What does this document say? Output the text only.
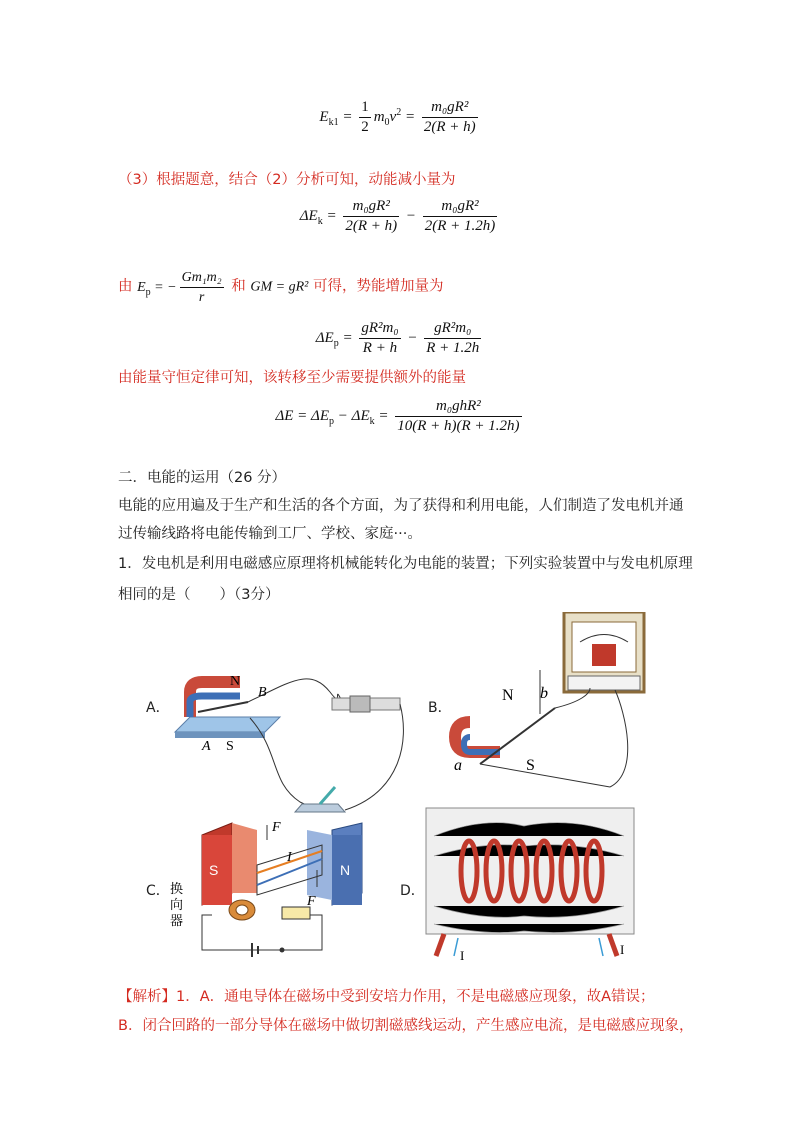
$E_{k1} = \frac{1}{2} m_0v^2 = \frac{\text{m₀gR²}}{2(R + h)}$
（3）根据题意，结合（2）分析可知，动能减小量为
$\Delta E_k = \frac{\text{m₀gR²}}{2(R + h)} - \frac{\text{m₀gR²}}{2(R + 1.2h)}$
由 $E_p$ = − $\frac{\text{Gm₁m₂}}{r}$ 和 GM = gR² 可得，势能增加量为
$\Delta E_p = \frac{\text{gR²m₀}}{R + h} - \frac{\text{gR²m₀}}{R + 1.2h}$
由能量守恒定律可知，该转移至少需要提供额外的能量
$\Delta E = \Delta E_p - \Delta E_k = \frac{\text{m₀ghR²}}{10(R + h)(R + 1.2h)}$
二．电能的运用（26 分）
电能的应用遍及于生产和生活的各个方面，为了获得和利用电能，人们制造了发电机并通
过传输线路将电能传输到工厂、学校、家庭···。
1．发电机是利用电磁感应原理将机械能转化为电能的装置；下列实验装置中与发电机原理
相同的是（　　）（3分）
A．	B．
C．	D．
N
B
A S
N b
a	S
S	N
F
F
I
换
向
器
I	I
【解析】1．A．通电导体在磁场中受到安培力作用，不是电磁感应现象，故A错误；
B．闭合回路的一部分导体在磁场中做切割磁感线运动，产生感应电流，是电磁感应现象，
